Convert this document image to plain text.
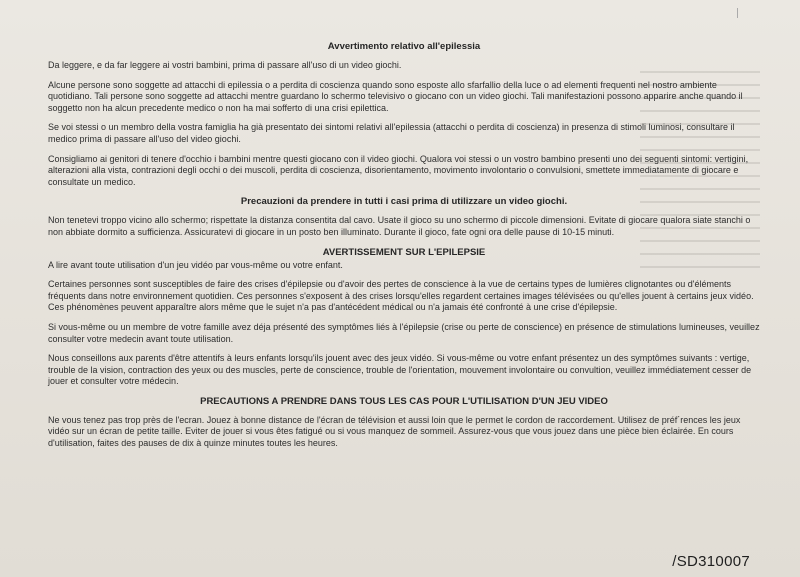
Avvertimento relativo all'epilessia

Da leggere, e da far leggere ai vostri bambini, prima di passare all'uso di un video giochi.

Alcune persone sono soggette ad attacchi di epilessia o a perdita di coscienza quando sono esposte allo sfarfallio della luce o ad elementi frequenti nel nostro ambiente quotidiano. Tali persone sono soggette ad attacchi mentre guardano lo schermo televisivo o giocano con un video giochi. Tali manifestazioni possono apparire anche quando il soggetto non ha alcun precedente medico o non ha mai sofferto di una crisi epilettica.

Se voi stessi o un membro della vostra famiglia ha già presentato dei sintomi relativi all'epilessia (attacchi o perdita di coscienza) in presenza di stimoli luminosi, consultare il medico prima di passare all'uso del video giochi.

Consigliamo ai genitori di tenere d'occhio i bambini mentre questi giocano con il video giochi. Qualora voi stessi o un vostro bambino presenti uno dei seguenti sintomi: vertigini, alterazioni alla vista, contrazioni degli occhi o dei muscoli, perdita di coscienza, disorientamento, movimento involontario o convulsioni, smettete immediatamente di giocare e consultate un medico.

Precauzioni da prendere in tutti i casi prima di utilizzare un video giochi.

Non tenetevi troppo vicino allo schermo; rispettate la distanza consentita dal cavo. Usate il gioco su uno schermo di piccole dimensioni. Evitate di giocare qualora siate stanchi o non abbiate dormito a sufficienza. Assicuratevi di giocare in un posto ben illuminato. Durante il gioco, fate ogni ora delle pause di 10-15 minuti.

AVERTISSEMENT SUR L'EPILEPSIE

A lire avant toute utilisation d'un jeu vidéo par vous-même ou votre enfant.

Certaines personnes sont susceptibles de faire des crises d'épilepsie ou d'avoir des pertes de conscience à la vue de certains types de lumières clignotantes ou d'éléments fréquents dans notre environnement quotidien. Ces personnes s'exposent à des crises lorsqu'elles regardent certaines images télévisées ou qu'elles jouent à certains jeux vidéo. Ces phénomènes peuvent apparaître alors même que le sujet n'a pas d'antécédent médical ou n'a jamais été confronté à une crise d'épilepsie.

Si vous-même ou un membre de votre famille avez déja présenté des symptômes liés à l'épilepsie (crise ou perte de conscience) en présence de stimulations lumineuses, veuillez consulter votre medecin avant toute utilisation.

Nous conseillons aux parents d'être attentifs à leurs enfants lorsqu'ils jouent avec des jeux vidéo. Si vous-même ou votre enfant présentez un des symptômes suivants : vertige, trouble de la vision, contraction des yeux ou des muscles, perte de conscience, trouble de l'orientation, mouvement involontaire ou convultion, veuillez immédiatement cesser de jouer et consulter votre médecin.

PRECAUTIONS A PRENDRE DANS TOUS LES CAS POUR L'UTILISATION D'UN JEU VIDEO

Ne vous tenez pas trop près de l'ecran. Jouez à bonne distance de l'écran de télévision et aussi loin que le permet le cordon de raccordement. Utilisez de préf´rences les jeux vidéo sur un écran de petite taille. Eviter de jouer si vous êtes fatigué ou si vous manquez de sommeil. Assurez-vous que vous jouez dans une pièce bien éclairée. En cours d'utilisation, faites des pauses de dix à quinze minutes toutes les heures.

/SD310007
